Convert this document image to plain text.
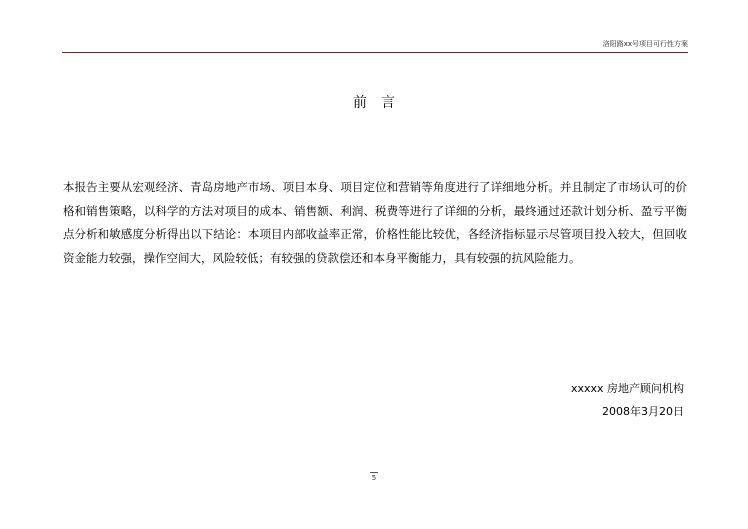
洛阳路xx号项目可行性方案
前言

本报告主要从宏观经济、青岛房地产市场、项目本身、项目定位和营销等角度进行了详细地分析。并且制定了市场认可的价格和销售策略，以科学的方法对项目的成本、销售额、利润、税费等进行了详细的分析，最终通过还款计划分析、盈亏平衡点分析和敏感度分析得出以下结论：本项目内部收益率正常，价格性能比较优，各经济指标显示尽管项目投入较大，但回收资金能力较强，操作空间大，风险较低；有较强的贷款偿还和本身平衡能力，具有较强的抗风险能力。

xxxxx 房地产顾问机构
2008年3月20日
5
